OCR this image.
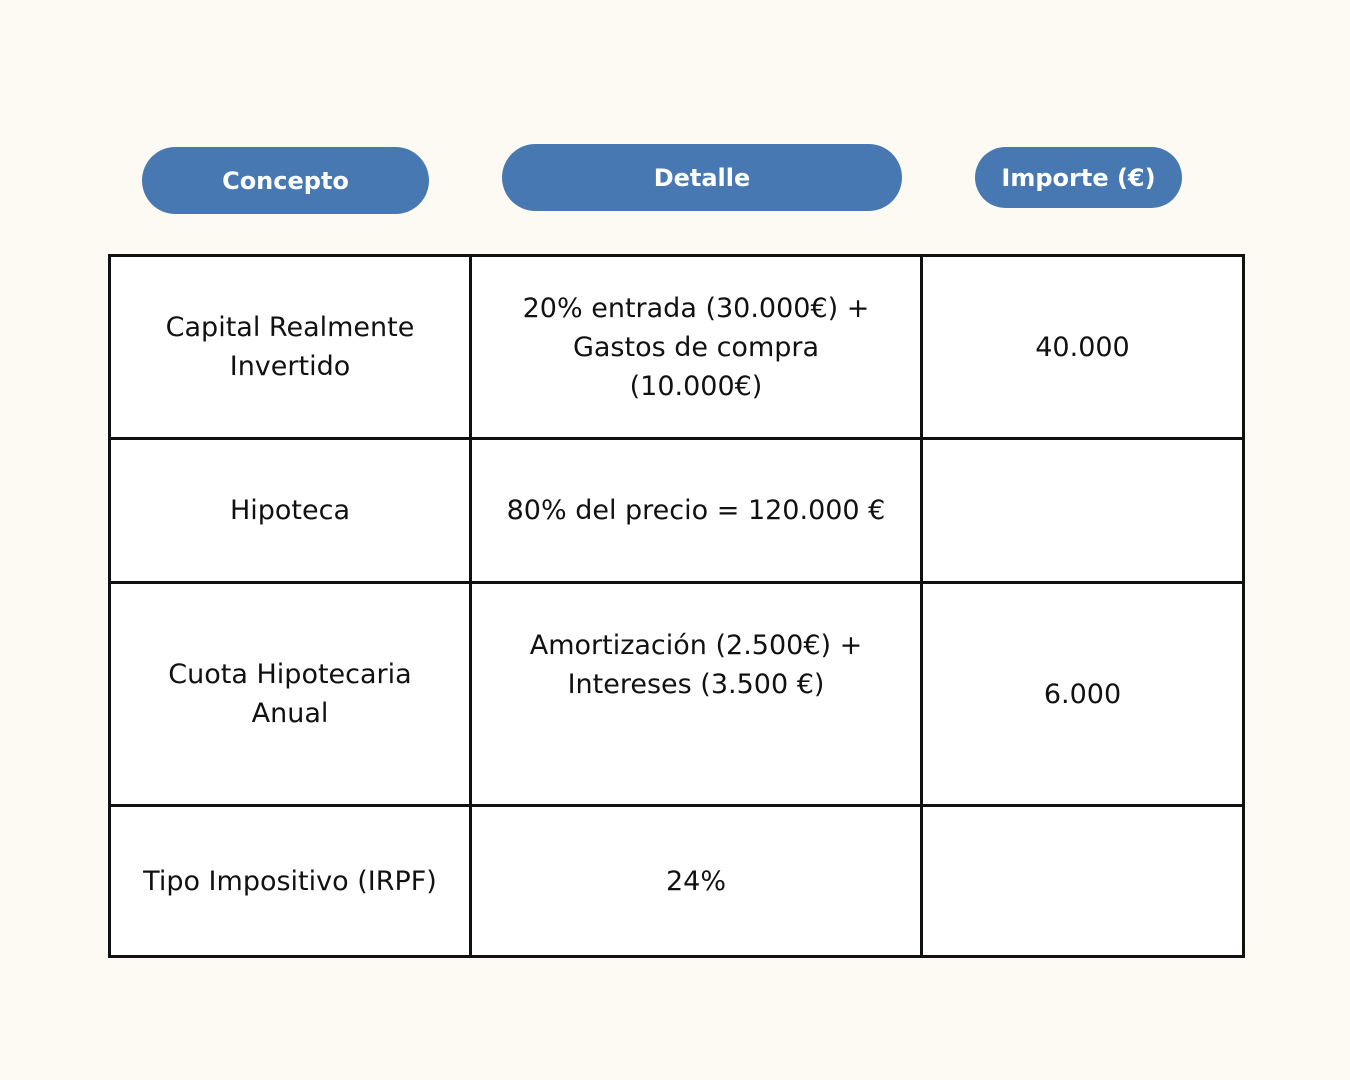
Concepto	Detalle	Importe (€)
Capital Realmente Invertido	20% entrada (30.000€) + Gastos de compra (10.000€)	40.000
Hipoteca	80% del precio = 120.000 €	
Cuota Hipotecaria Anual	Amortización (2.500€) + Intereses (3.500 €)	6.000
Tipo Impositivo (IRPF)	24%	
